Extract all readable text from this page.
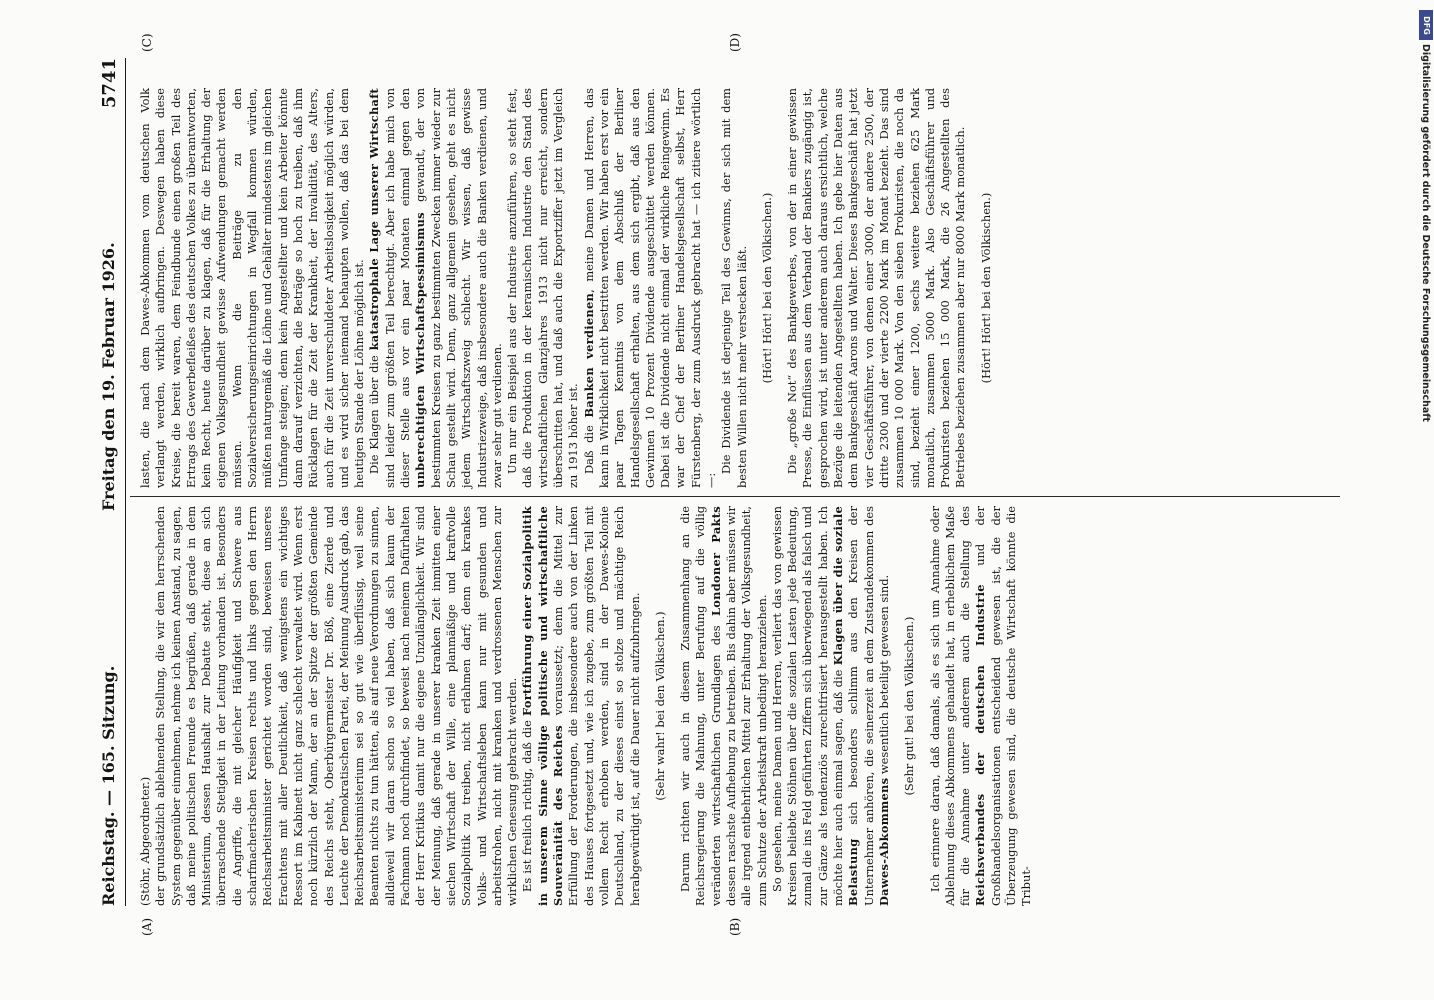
Reichstag. — 165. Sitzung.
Freitag den 19. Februar 1926.
5741
(A)	(B)
(C)	(D)

(Stöhr, Abgeordneter.) der grundsätzlich ablehnenden Stellung, die wir dem herrschenden System gegenüber einnehmen, nehme ich keinen Anstand, zu sagen, daß meine politischen Freunde es begrüßen, daß gerade in dem Ministerium, dessen Haushalt zur Debatte steht, diese an sich überraschende Stetigkeit in der Leitung vorhanden ist. Besonders die Angriffe, die mit gleicher Häufigkeit und Schwere aus scharfmacherischen Kreisen rechts und links gegen den Herrn Reichsarbeitsminister gerichtet worden sind, beweisen unseres Erachtens mit aller Deutlichkeit, daß wenigstens ein wichtiges Ressort im Kabinett nicht ganz schlecht verwaltet wird. Wenn erst noch kürzlich der Mann, der an der Spitze der größten Gemeinde des Reichs steht, Oberbürgermeister Dr. Böß, eine Zierde und Leuchte der Demokratischen Partei, der Meinung Ausdruck gab, das Reichsarbeitsministerium sei so gut wie überflüssig, weil seine Beamten nichts zu tun hätten, als auf neue Verordnungen zu sinnen, alldieweil wir daran schon so viel haben, daß sich kaum der Fachmann noch durchfindet, so beweist nach meinem Dafürhalten der Herr Kritikus damit nur die eigene Unzulänglichkeit. Wir sind der Meinung, daß gerade in unserer kranken Zeit inmitten einer siechen Wirtschaft der Wille, eine planmäßige und kraftvolle Sozialpolitik zu treiben, nicht erlahmen darf; denn ein krankes Volks- und Wirtschaftsleben kann nur mit gesunden und arbeitsfrohen, nicht mit kranken und verdrossenen Menschen zur wirklichen Genesung gebracht werden. Es ist freilich richtig, daß die Fortführung einer Sozialpolitik in unserem Sinne völlige politische und wirtschaftliche Souveränität des Reiches voraussetzt; denn die Mittel zur Erfüllung der Forderungen, die insbesondere auch von der Linken des Hauses fortgesetzt und, wie ich zugebe, zum größten Teil mit vollem Recht erhoben werden, sind in der Dawes-Kolonie Deutschland, zu der dieses einst so stolze und mächtige Reich herabgewürdigt ist, auf die Dauer nicht aufzubringen. (Sehr wahr! bei den Völkischen.) Darum richten wir auch in diesem Zusammenhang an die Reichsregierung die Mahnung, unter Berufung auf die völlig veränderten wirtschaftlichen Grundlagen des Londoner Pakts dessen raschste Aufhebung zu betreiben. Bis dahin aber müssen wir alle irgend entbehrlichen Mittel zur Erhaltung der Volksgesundheit, zum Schutze der Arbeitskraft unbedingt heranziehen. So gesehen, meine Damen und Herren, verliert das von gewissen Kreisen beliebte Stöhnen über die sozialen Lasten jede Bedeutung, zumal die ins Feld geführten Ziffern sich überwiegend als falsch und zur Gänze als tendenziös zurechtfrisiert herausgestellt haben. Ich möchte hier auch einmal sagen, daß die Klagen über die soziale Belastung sich besonders schlimm aus den Kreisen der Unternehmer anhören, die seinerzeit an dem Zustandekommen des Dawes-Abkommens wesentlich beteiligt gewesen sind. (Sehr gut! bei den Völkischen.) Ich erinnere daran, daß damals, als es sich um Annahme oder Ablehnung dieses Abkommens gehandelt hat, in erheblichem Maße für die Annahme unter anderem auch die Stellung des Reichsverbandes der deutschen Industrie und der Großhandelsorganisationen entscheidend gewesen ist, die der Überzeugung gewesen sind, die deutsche Wirtschaft könnte die Tribut-

lasten, die nach dem Dawes-Abkommen vom deutschen Volk verlangt werden, wirklich aufbringen. Deswegen haben diese Kreise, die bereit waren, dem Feindbunde einen großen Teil des Ertrags des Gewerbefleißes des deutschen Volkes zu überantworten, kein Recht, heute darüber zu klagen, daß für die Erhaltung der eigenen Volksgesundheit gewisse Aufwendungen gemacht werden müssen. Wenn die Beiträge zu den Sozialversicherungseinrichtungen in Wegfall kommen würden, müßten naturgemäß die Löhne und Gehälter mindestens im gleichen Umfange steigen; denn kein Angestellter und kein Arbeiter könnte dann darauf verzichten, die Beträge so hoch zu treiben, daß ihm Rücklagen für die Zeit der Krankheit, der Invalidität, des Alters, auch für die Zeit unverschuldeter Arbeitslosigkeit möglich würden, und es wird sicher niemand behaupten wollen, daß das bei dem heutigen Stande der Löhne möglich ist. Die Klagen über die katastrophale Lage unserer Wirtschaft sind leider zum größten Teil berechtigt. Aber ich habe mich von dieser Stelle aus vor ein paar Monaten einmal gegen den unberechtigten Wirtschaftspessimismus gewandt, der von bestimmten Kreisen zu ganz bestimmten Zwecken immer wieder zur Schau gestellt wird. Denn, ganz allgemein gesehen, geht es nicht jedem Wirtschaftszweig schlecht. Wir wissen, daß gewisse Industriezweige, daß insbesondere auch die Banken verdienen, und zwar sehr gut verdienen. Um nur ein Beispiel aus der Industrie anzuführen, so steht fest, daß die Produktion in der keramischen Industrie den Stand des wirtschaftlichen Glanzjahres 1913 nicht nur erreicht, sondern überschritten hat, und daß auch die Exportziffer jetzt im Vergleich zu 1913 höher ist. Daß die Banken verdienen, meine Damen und Herren, das kann in Wirklichkeit nicht bestritten werden. Wir haben erst vor ein paar Tagen Kenntnis von dem Abschluß der Berliner Handelsgesellschaft erhalten, aus dem sich ergibt, daß aus den Gewinnen 10 Prozent Dividende ausgeschüttet werden können. Dabei ist die Dividende nicht einmal der wirkliche Reingewinn. Es war der Chef der Berliner Handelsgesellschaft selbst, Herr Fürstenberg, der zum Ausdruck gebracht hat — ich zitiere wörtlich —:

Die Dividende ist derjenige Teil des Gewinns, der sich mit dem besten Willen nicht mehr verstecken läßt. (Hört! Hört! bei den Völkischen.) Die „große Not“ des Bankgewerbes, von der in einer gewissen Presse, die Einflüssen aus dem Verband der Bankiers zugängig ist, gesprochen wird, ist unter anderem auch daraus ersichtlich, welche Bezüge die leitenden Angestellten haben. Ich gebe hier Daten aus dem Bankgeschäft Aarons und Walter. Dieses Bankgeschäft hat jetzt vier Geschäftsführer, von denen einer 3000, der andere 2500, der dritte 2300 und der vierte 2200 Mark im Monat bezieht. Das sind zusammen 10 000 Mark. Von den sieben Prokuristen, die noch da sind, bezieht einer 1200, sechs weitere beziehen 625 Mark monatlich, zusammen 5000 Mark. Also Geschäftsführer und Prokuristen beziehen 15 000 Mark, die 26 Angestellten des Betriebes beziehen zusammen aber nur 8000 Mark monatlich. (Hört! Hört! bei den Völkischen.)

DFG
Digitalisierung gefördert durch die Deutsche Forschungsgemeinschaft
